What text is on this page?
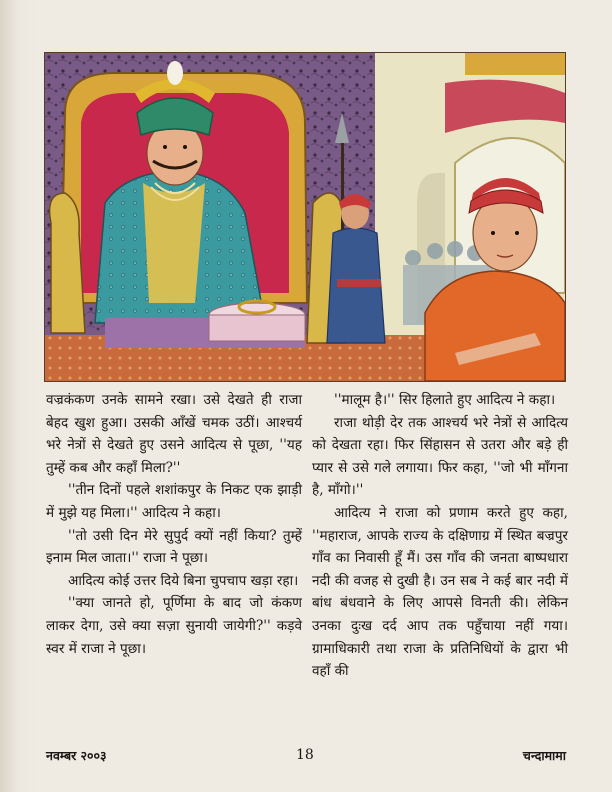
वज्रकंकण उनके सामने रखा। उसे देखते ही राजा बेहद खुश हुआ। उसकी आँखें चमक उठीं। आश्चर्य भरे नेत्रों से देखते हुए उसने आदित्य से पूछा, ''यह तुम्हें कब और कहाँ मिला?''

''तीन दिनों पहले शशांकपुर के निकट एक झाड़ी में मुझे यह मिला।'' आदित्य ने कहा।

''तो उसी दिन मेरे सुपुर्द क्यों नहीं किया? तुम्हें इनाम मिल जाता।'' राजा ने पूछा।

आदित्य कोई उत्तर दिये बिना चुपचाप खड़ा रहा।

''क्या जानते हो, पूर्णिमा के बाद जो कंकण लाकर देगा, उसे क्या सज़ा सुनायी जायेगी?'' कड़वे स्वर में राजा ने पूछा।

''मालूम है।'' सिर हिलाते हुए आदित्य ने कहा।

राजा थोड़ी देर तक आश्चर्य भरे नेत्रों से आदित्य को देखता रहा। फिर सिंहासन से उतरा और बड़े ही प्यार से उसे गले लगाया। फिर कहा, ''जो भी माँगना है, माँगो।''

आदित्य ने राजा को प्रणाम करते हुए कहा, ''महाराज, आपके राज्य के दक्षिणाग्र में स्थित बज्रपुर गाँव का निवासी हूँ मैं। उस गाँव की जनता बाष्पधारा नदी की वजह से दुखी है। उन सब ने कई बार नदी में बांध बंधवाने के लिए आपसे विनती की। लेकिन उनका दुःख दर्द आप तक पहुँचाया नहीं गया। ग्रामाधिकारी तथा राजा के प्रतिनिधियों के द्वारा भी वहाँ की

नवम्बर २००३	18	चन्दामामा
